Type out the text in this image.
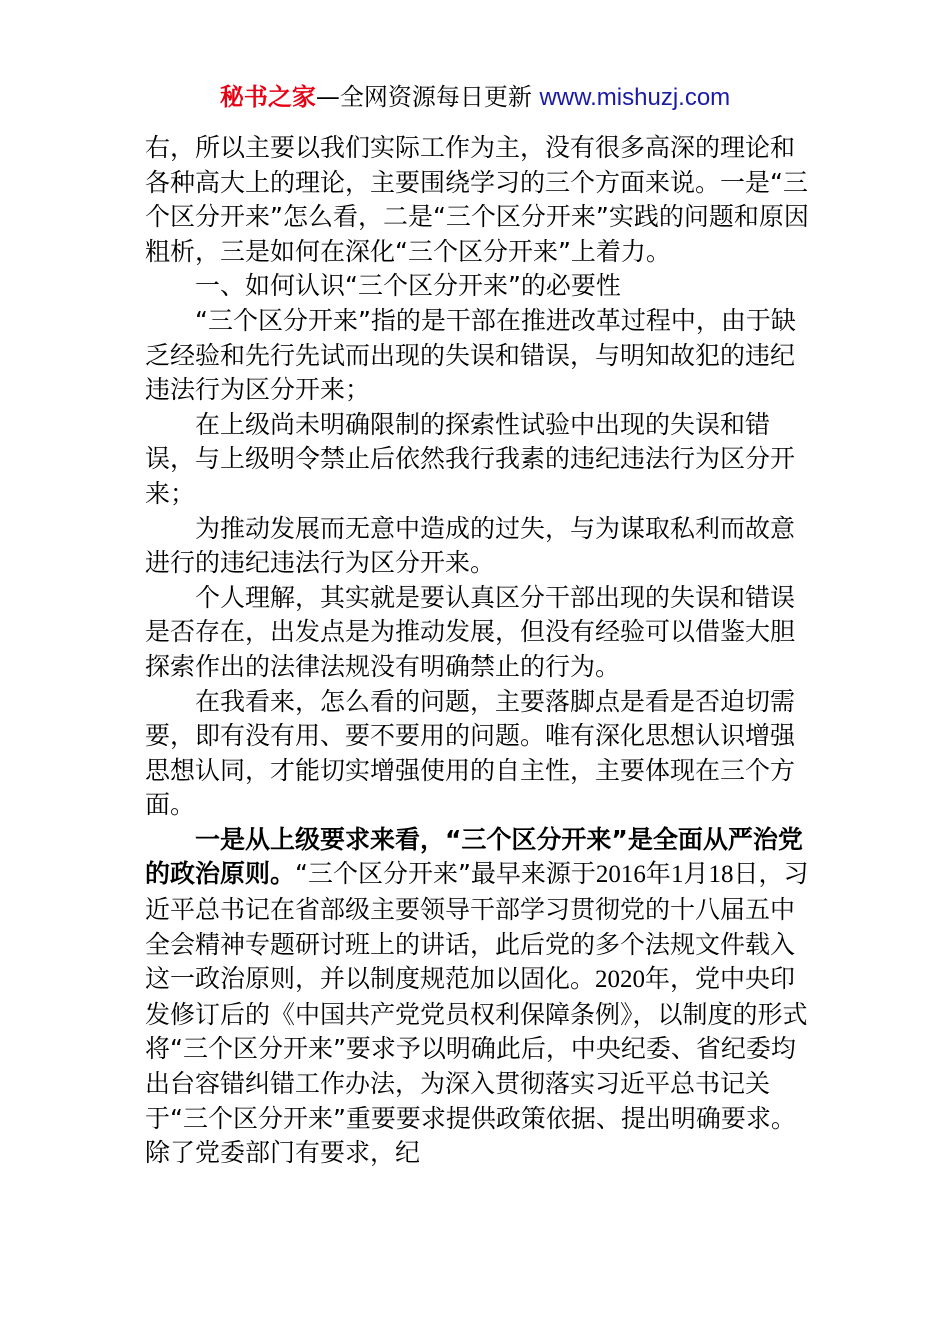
秘书之家—全网资源每日更新 www.mishuzj.com

右，所以主要以我们实际工作为主，没有很多高深的理论和各种高大上的理论，主要围绕学习的三个方面来说。一是“三个区分开来”怎么看，二是“三个区分开来”实践的问题和原因粗析，三是如何在深化“三个区分开来”上着力。

一、如何认识“三个区分开来”的必要性

“三个区分开来”指的是干部在推进改革过程中，由于缺乏经验和先行先试而出现的失误和错误，与明知故犯的违纪违法行为区分开来；

在上级尚未明确限制的探索性试验中出现的失误和错误，与上级明令禁止后依然我行我素的违纪违法行为区分开来；

为推动发展而无意中造成的过失，与为谋取私利而故意进行的违纪违法行为区分开来。

个人理解，其实就是要认真区分干部出现的失误和错误是否存在，出发点是为推动发展，但没有经验可以借鉴大胆探索作出的法律法规没有明确禁止的行为。

在我看来，怎么看的问题，主要落脚点是看是否迫切需要，即有没有用、要不要用的问题。唯有深化思想认识增强思想认同，才能切实增强使用的自主性，主要体现在三个方面。

一是从上级要求来看，“三个区分开来”是全面从严治党的政治原则。“三个区分开来”最早来源于2016年1月18日，习近平总书记在省部级主要领导干部学习贯彻党的十八届五中全会精神专题研讨班上的讲话，此后党的多个法规文件载入这一政治原则，并以制度规范加以固化。2020年，党中央印发修订后的《中国共产党党员权利保障条例》，以制度的形式将“三个区分开来”要求予以明确此后，中央纪委、省纪委均出台容错纠错工作办法，为深入贯彻落实习近平总书记关于“三个区分开来”重要要求提供政策依据、提出明确要求。除了党委部门有要求，纪
